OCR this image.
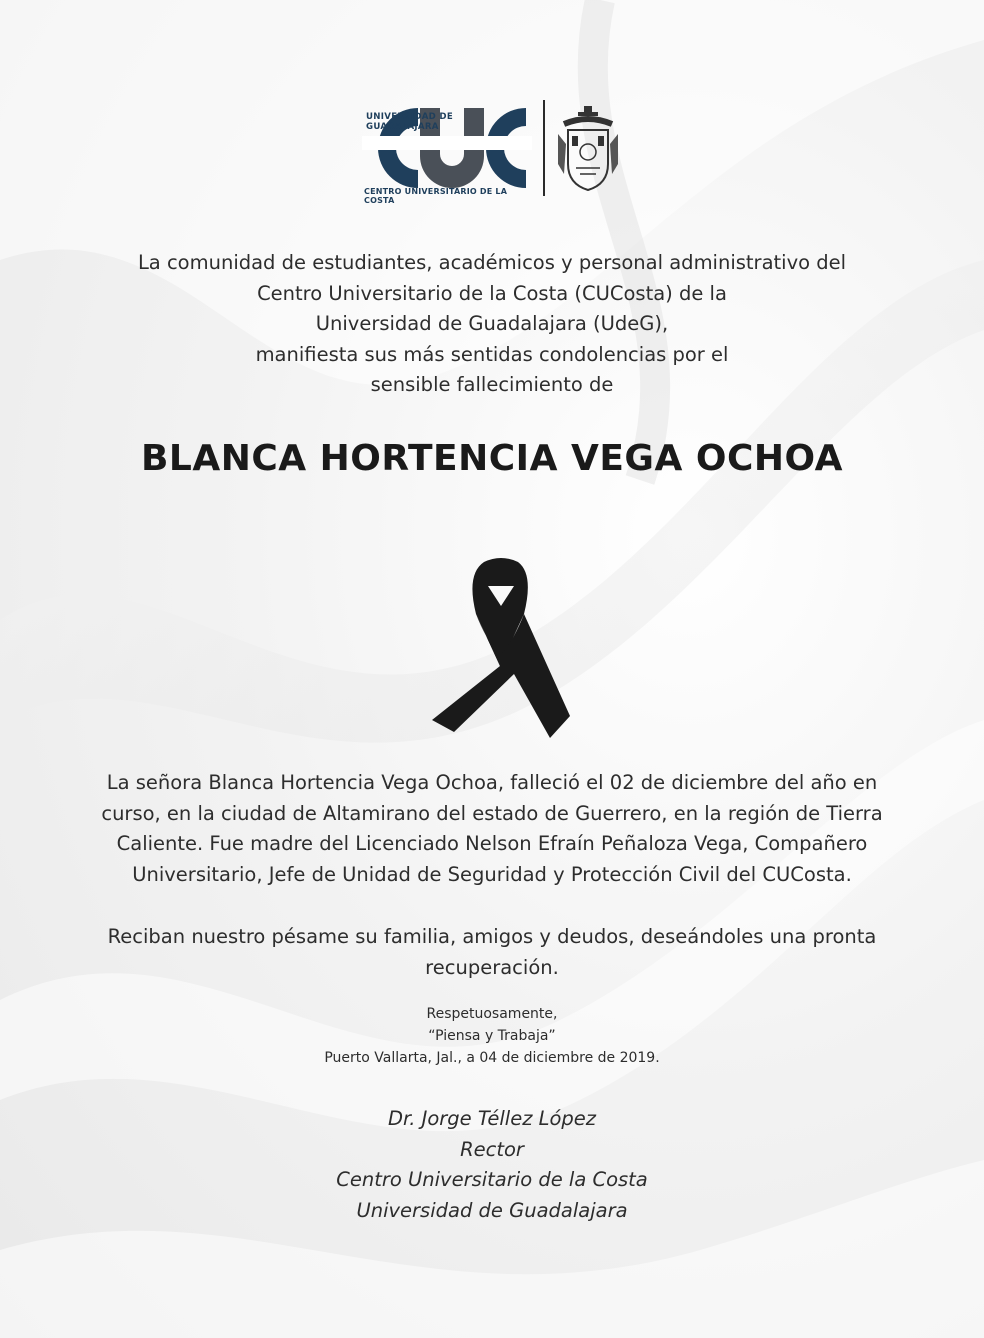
UNIVERSIDAD DE GUADALAJARA
CENTRO UNIVERSITARIO DE LA COSTA
La comunidad de estudiantes, académicos y personal administrativo del
Centro Universitario de la Costa (CUCosta) de la
Universidad de Guadalajara (UdeG),
manifiesta sus más sentidas condolencias por el
sensible fallecimiento de
BLANCA HORTENCIA VEGA OCHOA
La señora Blanca Hortencia Vega Ochoa, falleció el 02 de diciembre del año en
curso, en la ciudad de Altamirano del estado de Guerrero, en la región de Tierra
Caliente. Fue madre del Licenciado Nelson Efraín Peñaloza Vega, Compañero
Universitario, Jefe de Unidad de Seguridad y Protección Civil del CUCosta.
Reciban nuestro pésame su familia, amigos y deudos, deseándoles una pronta
recuperación.
Respetuosamente,
“Piensa y Trabaja”
Puerto Vallarta, Jal., a 04 de diciembre de 2019.
Dr. Jorge Téllez López
Rector
Centro Universitario de la Costa
Universidad de Guadalajara
